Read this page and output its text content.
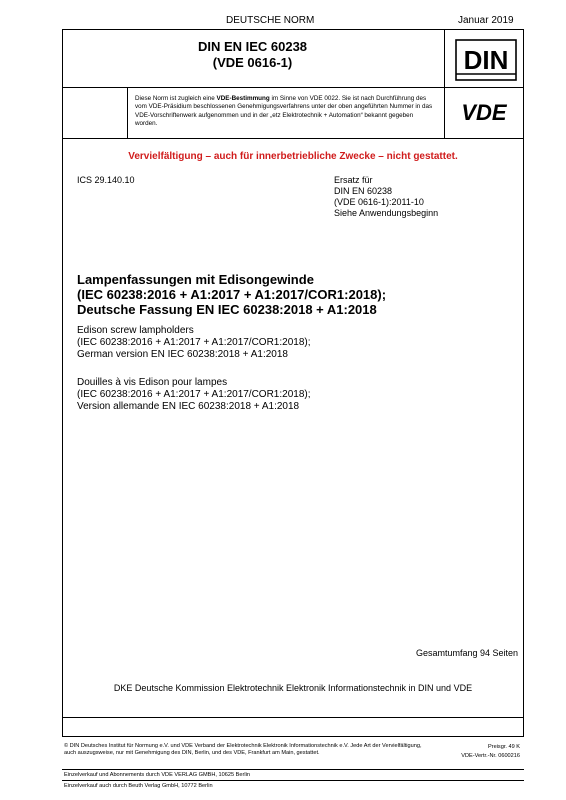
DEUTSCHE NORM	Januar 2019
DIN EN IEC 60238
(VDE 0616-1)	DIN
Diese Norm ist zugleich eine VDE-Bestimmung im Sinne von VDE 0022. Sie ist nach Durchführung des vom VDE-Präsidium beschlossenen Genehmigungsverfahrens unter der oben angeführten Nummer in das VDE-Vorschriftenwerk aufgenommen und in der „etz Elektrotechnik + Automation“ bekannt gegeben worden.	VDE
Vervielfältigung – auch für innerbetriebliche Zwecke – nicht gestattet.
ICS 29.140.10	Ersatz für
DIN EN 60238
(VDE 0616-1):2011-10
Siehe Anwendungsbeginn
Lampenfassungen mit Edisongewinde
(IEC 60238:2016 + A1:2017 + A1:2017/COR1:2018);
Deutsche Fassung EN IEC 60238:2018 + A1:2018
Edison screw lampholders
(IEC 60238:2016 + A1:2017 + A1:2017/COR1:2018);
German version EN IEC 60238:2018 + A1:2018
Douilles à vis Edison pour lampes
(IEC 60238:2016 + A1:2017 + A1:2017/COR1:2018);
Version allemande EN IEC 60238:2018 + A1:2018
Gesamtumfang 94 Seiten
DKE Deutsche Kommission Elektrotechnik Elektronik Informationstechnik in DIN und VDE
© DIN Deutsches Institut für Normung e.V. und VDE Verband der Elektrotechnik Elektronik Informationstechnik e.V. Jede Art der Vervielfältigung, auch auszugsweise, nur mit Genehmigung des DIN, Berlin, und des VDE, Frankfurt am Main, gestattet.
Preisgr. 49 K
VDE-Vertr.-Nr. 0600216
Einzelverkauf und Abonnements durch VDE VERLAG GMBH, 10625 Berlin
Einzelverkauf auch durch Beuth Verlag GmbH, 10772 Berlin
